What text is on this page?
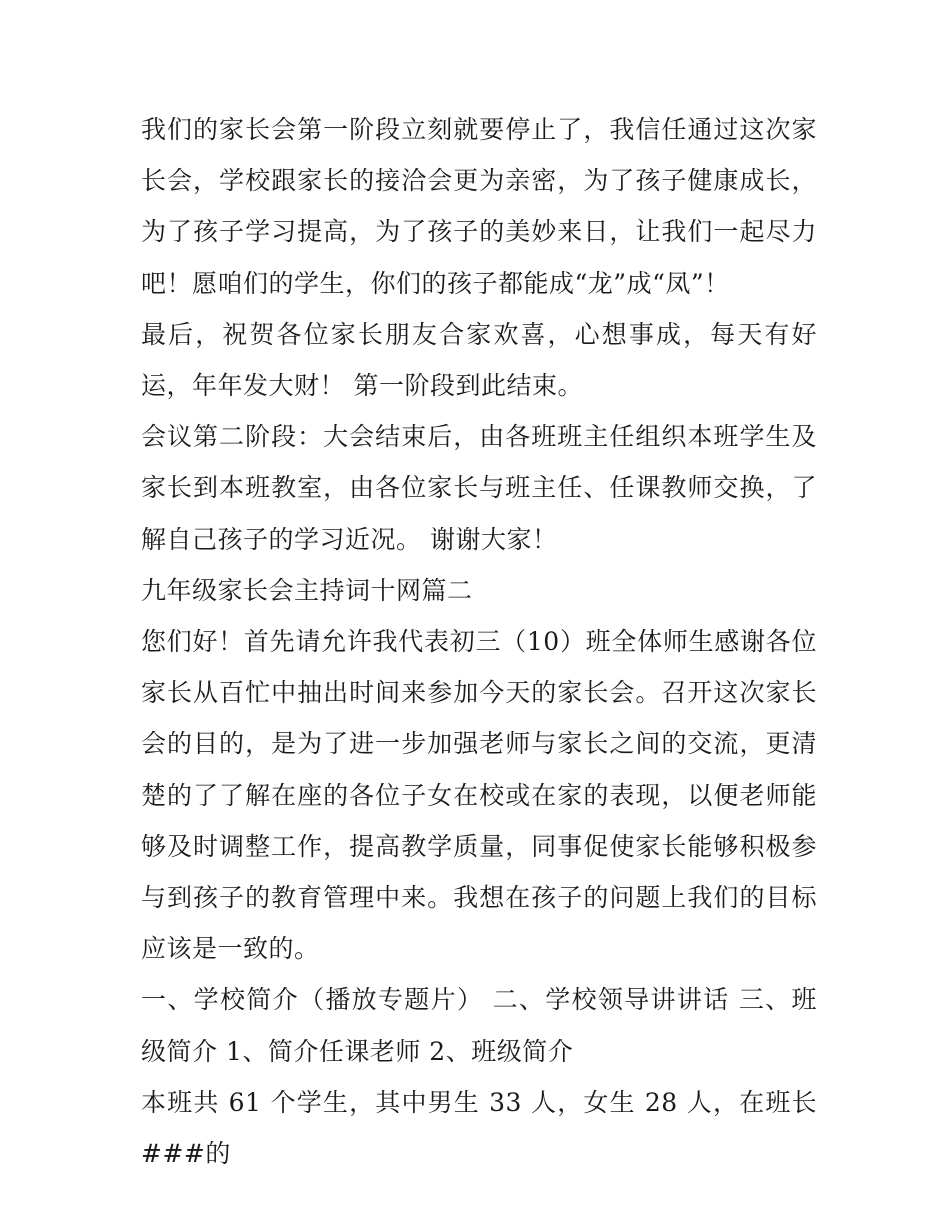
我们的家长会第一阶段立刻就要停止了，我信任通过这次家长会，学校跟家长的接洽会更为亲密，为了孩子健康成长，为了孩子学习提高，为了孩子的美妙来日，让我们一起尽力吧！愿咱们的学生，你们的孩子都能成“龙”成“凤”！

最后，祝贺各位家长朋友合家欢喜，心想事成，每天有好运，年年发大财！ 第一阶段到此结束。

会议第二阶段：大会结束后，由各班班主任组织本班学生及家长到本班教室，由各位家长与班主任、任课教师交换，了解自己孩子的学习近况。 谢谢大家！

九年级家长会主持词十网篇二

您们好！首先请允许我代表初三（10）班全体师生感谢各位家长从百忙中抽出时间来参加今天的家长会。召开这次家长会的目的，是为了进一步加强老师与家长之间的交流，更清楚的了了解在座的各位子女在校或在家的表现，以便老师能够及时调整工作，提高教学质量，同事促使家长能够积极参与到孩子的教育管理中来。我想在孩子的问题上我们的目标应该是一致的。

一、学校简介（播放专题片） 二、学校领导讲讲话 三、班级简介 1、简介任课老师 2、班级简介

本班共 61 个学生，其中男生 33 人，女生 28 人，在班长###的
